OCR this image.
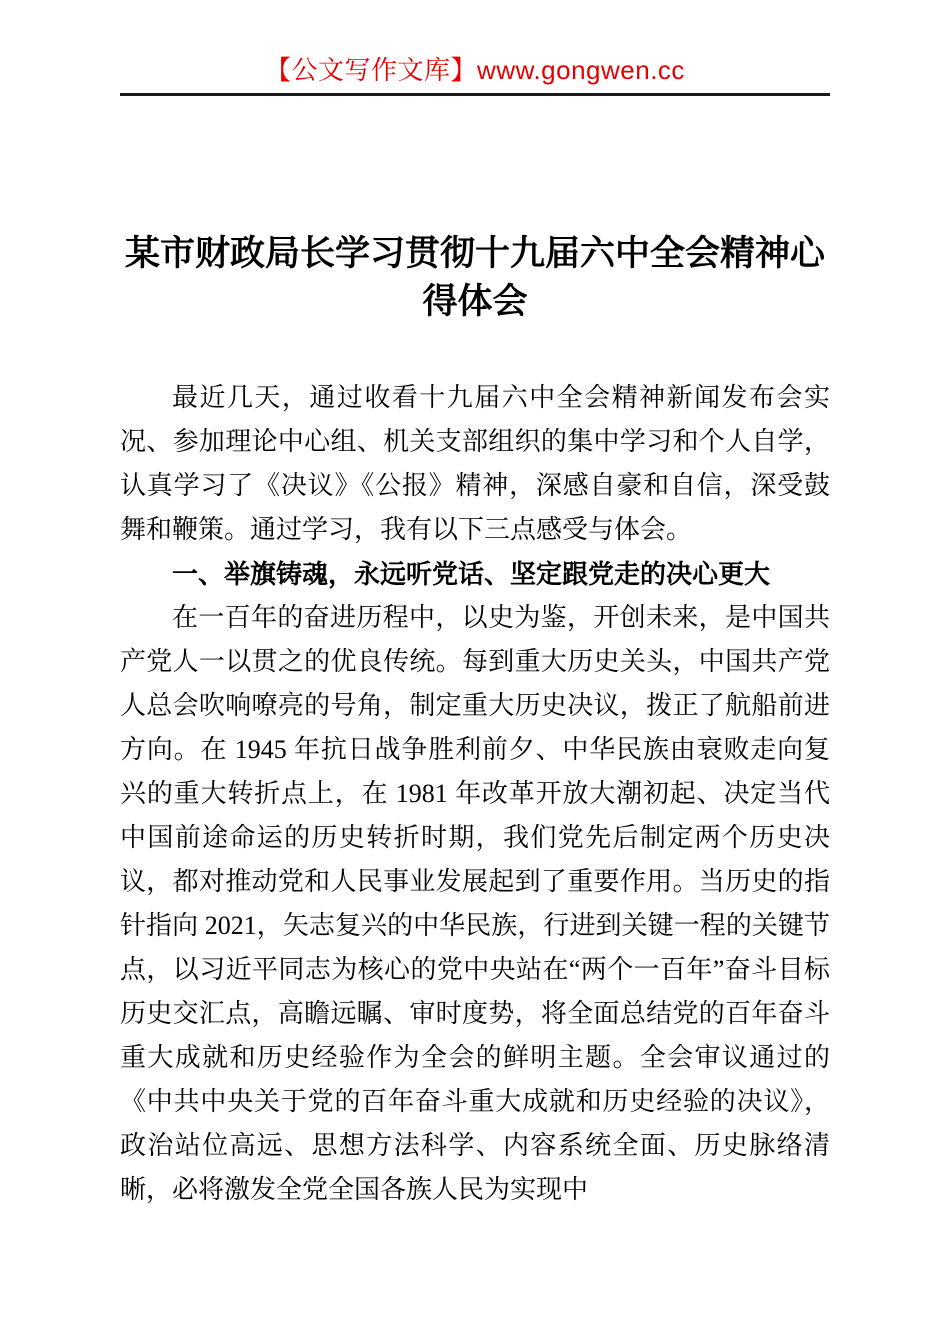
【公文写作文库】www.gongwen.cc
某市财政局长学习贯彻十九届六中全会精神心得体会

最近几天，通过收看十九届六中全会精神新闻发布会实况、参加理论中心组、机关支部组织的集中学习和个人自学，认真学习了《决议》《公报》精神，深感自豪和自信，深受鼓舞和鞭策。通过学习，我有以下三点感受与体会。

一、举旗铸魂，永远听党话、坚定跟党走的决心更大

在一百年的奋进历程中，以史为鉴，开创未来，是中国共产党人一以贯之的优良传统。每到重大历史关头，中国共产党人总会吹响嘹亮的号角，制定重大历史决议，拨正了航船前进方向。在 1945 年抗日战争胜利前夕、中华民族由衰败走向复兴的重大转折点上，在 1981 年改革开放大潮初起、决定当代中国前途命运的历史转折时期，我们党先后制定两个历史决议，都对推动党和人民事业发展起到了重要作用。当历史的指针指向 2021，矢志复兴的中华民族，行进到关键一程的关键节点，以习近平同志为核心的党中央站在“两个一百年”奋斗目标历史交汇点，高瞻远瞩、审时度势，将全面总结党的百年奋斗重大成就和历史经验作为全会的鲜明主题。全会审议通过的《中共中央关于党的百年奋斗重大成就和历史经验的决议》，政治站位高远、思想方法科学、内容系统全面、历史脉络清晰，必将激发全党全国各族人民为实现中
